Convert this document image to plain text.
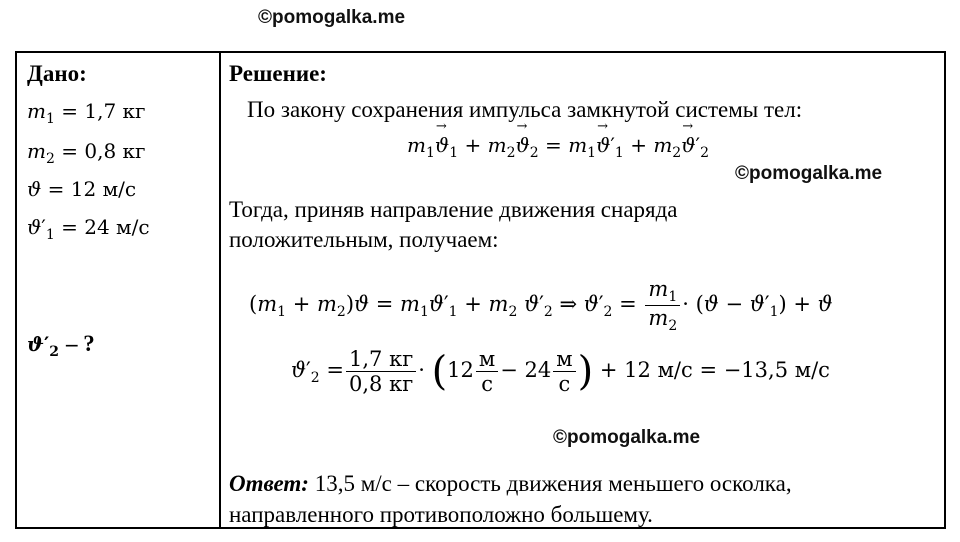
©pomogalka.me
©pomogalka.me
©pomogalka.me
Дано:
$m_1 = 1,7$ кг
$m_2 = 0,8$ кг
ϑ = 12 м/с
$ϑ'_1 = 24$ м/с
$ϑ'_2$ – ?
Решение:
По закону сохранения импульса замкнутой системы тел:
$m_1\to ϑ_1 + m_2\to ϑ_2 = m_1\to ϑ'_1 + m_2\to ϑ'_2$
Тогда, приняв направление движения снаряда
положительным, получаем:
$(m_1 + m_2)ϑ = m_1ϑ'_1 + m_2$ $ϑ'_2$ ⇒ $ϑ'_2 = \frac{m_1}{m_2} \cdot (ϑ - ϑ'_1) + ϑ$
$ϑ'_2 = \frac{1,7 кг}{0,8 кг} \cdot (12 \frac{м}{с} - 24 \frac{м}{с}$ ) + 12 м/с = −13,5 м/с
Ответ: 13,5 м/с – скорость движения меньшего осколка,
направленного противоположно большему.
